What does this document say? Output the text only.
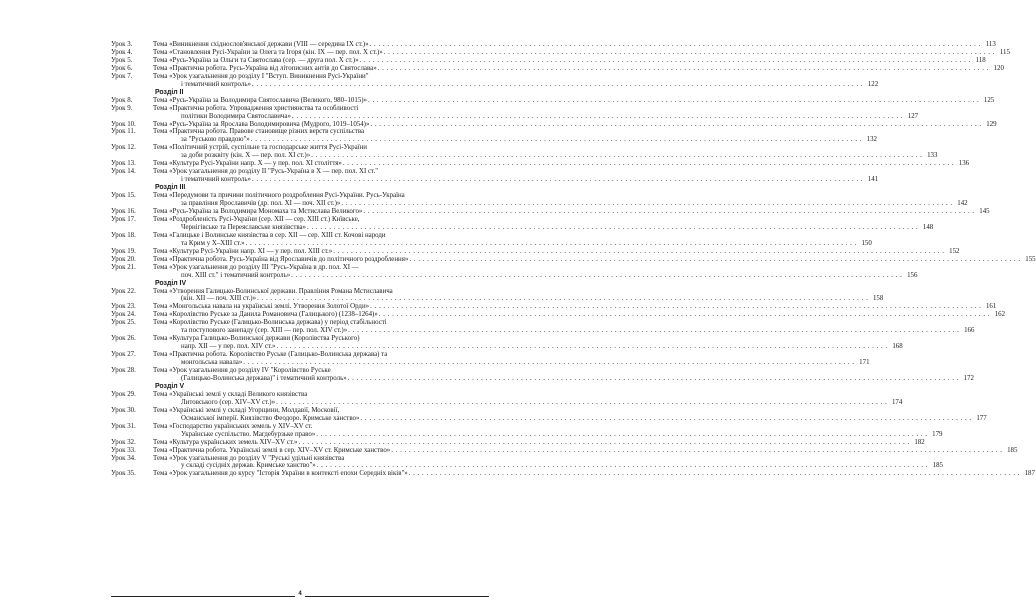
Урок 3.	Тема «Виникнення східнослов'янської держави (VIII — середина IX ст.)» . . .	113
Урок 4.	Тема «Становлення Русі-України за Олега та Ігоря (кін. IX — пер. пол. X ст.)» . . .	115
Урок 5.	Тема «Русь-Україна за Ольги та Святослава (сер. — друга пол. X ст.)» . . .	118
Урок 6.	Тема «Практична робота. Русь-Україна від літописних антів до Святослава» . . .	120
Урок 7.	Тема «Урок узагальнення до розділу І "Вступ. Виникнення Русі-України"
і тематичний контроль» . . .	122
Розділ ІІ
Урок 8.	Тема «Русь-Україна за Володимира Святославича (Великого, 980–1015)» . . .	125
Урок 9.	Тема «Практична робота. Упровадження християнства та особливості
політики Володимира Святославича» . . .	127
Урок 10.	Тема «Русь-Україна за Ярослава Володимировича (Мудрого, 1019–1054)» . . .	129
Урок 11.	Тема «Практична робота. Правове становище різних верств суспільства
за "Руською правдою"» . . .	132
Урок 12.	Тема «Політичний устрій, суспільне та господарське життя Русі-України
за доби розквіту (кін. X — пер. пол. XI ст.)» . . .	133
Урок 13.	Тема «Культура Русі-України напр. X — у пер. пол. XI століття» . . .	136
Урок 14.	Тема «Урок узагальнення до розділу ІІ "Русь-Україна в X — пер. пол. XI ст."
і тематичний контроль» . . .	141
Розділ ІІІ
Урок 15.	Тема «Передумови та причини політичного роздроблення Русі-України. Русь-Україна
за правління Ярославичів (др. пол. XI — поч. XII ст.)» . . .	142
Урок 16.	Тема «Русь-Україна за Володимира Мономаха та Мстислава Великого» . . .	145
Урок 17.	Тема «Роздробленість Русі-України (сер. XII — сер. XIII ст.) Київське,
Чернігівське та Переяславське князівства» . . .	148
Урок 18.	Тема «Галицьке і Волинське князівства в сер. XII — сер. XIII ст. Кочові народи
та Крим у X–XIII ст.» . . .	150
Урок 19.	Тема «Культура Русі-України напр. XI — у пер. пол. XIII ст.» . . .	152
Урок 20.	Тема «Практична робота. Русь-Україна від Ярославичів до політичного роздроблення» . . .	155
Урок 21.	Тема «Урок узагальнення до розділу ІІІ "Русь-Україна в др. пол. XI —
поч. XIII ст." і тематичний контроль» . . .	156
Розділ IV
Урок 22.	Тема «Утворення Галицько-Волинської держави. Правління Романа Мстиславича
(кін. XII — поч. XIII ст.)» . . .	158
Урок 23.	Тема «Монгольська навала на українські землі. Утворення Золотої Орди» . . .	161
Урок 24.	Тема «Королівство Руське за Данила Романовича (Галицького) (1238–1264)» . . .	162
Урок 25.	Тема «Королівство Руське (Галицько-Волинська держава) у період стабільності
та поступового занепаду (сер. XIII — пер. пол. XIV ст.)» . . .	166
Урок 26.	Тема «Культура Галицько-Волинської держави (Королівства Руського)
напр. XII — у пер. пол. XIV ст.» . . .	168
Урок 27.	Тема «Практична робота. Королівство Руське (Галицько-Волинська держава) та
монгольська навала» . . .	171
Урок 28.	Тема «Урок узагальнення до розділу IV "Королівство Руське
(Галицько-Волинська держава)" і тематичний контроль» . . .	172
Розділ V
Урок 29.	Тема «Українські землі у складі Великого князівства
Литовського (сер. XIV–XV ст.)» . . .	174
Урок 30.	Тема «Українські землі у складі Угорщини, Молдавії, Московії,
Османської імперії. Князівство Феодоро. Кримське ханство» . . .	177
Урок 31.	Тема «Господарство українських земель у XIV–XV ст.
Українське суспільство. Магдебурзьке право» . . .	179
Урок 32.	Тема «Культура українських земель XIV–XV ст.» . . .	182
Урок 33.	Тема «Практична робота. Українські землі в сер. XIV–XV ст. Кримське ханство» . . .	185
Урок 34.	Тема «Урок узагальнення до розділу V "Руські удільні князівства
у складі сусідніх держав. Кримське ханство"» . . .	185
Урок 35.	Тема «Урок узагальнення до курсу "Історія України в контексті епохи Середніх віків"» . . .	187
4
